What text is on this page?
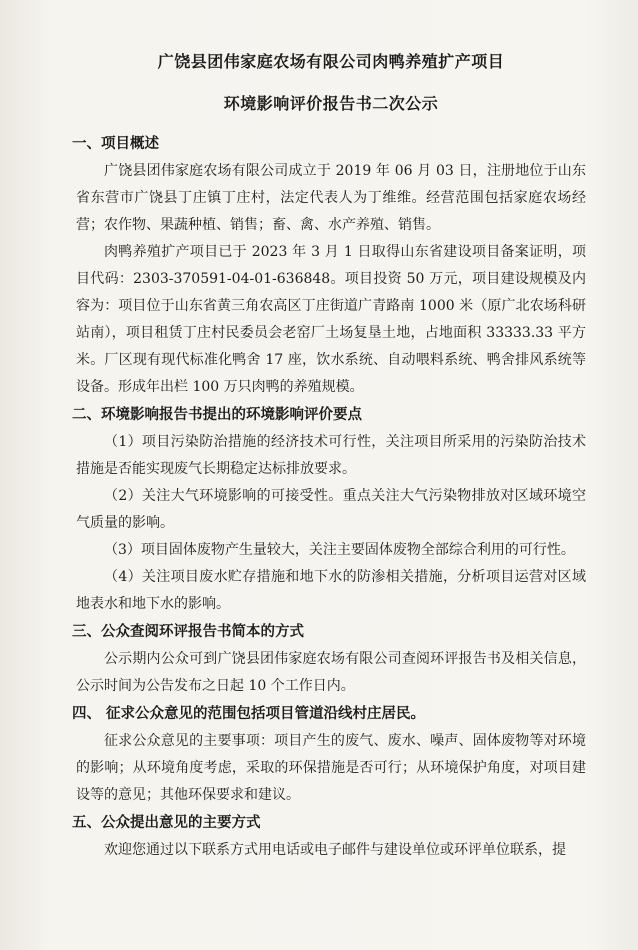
广饶县团伟家庭农场有限公司肉鸭养殖扩产项目
环境影响评价报告书二次公示
一、项目概述

广饶县团伟家庭农场有限公司成立于 2019 年 06 月 03 日，注册地位于山东省东营市广饶县丁庄镇丁庄村，法定代表人为丁维维。经营范围包括家庭农场经营；农作物、果蔬种植、销售；畜、禽、水产养殖、销售。

肉鸭养殖扩产项目已于 2023 年 3 月 1 日取得山东省建设项目备案证明，项目代码：2303-370591-04-01-636848。项目投资 50 万元，项目建设规模及内容为：项目位于山东省黄三角农高区丁庄街道广青路南 1000 米（原广北农场科研站南），项目租赁丁庄村民委员会老窑厂土场复垦土地，占地面积 33333.33 平方米。厂区现有现代标准化鸭舍 17 座，饮水系统、自动喂料系统、鸭舍排风系统等设备。形成年出栏 100 万只肉鸭的养殖规模。

二、环境影响报告书提出的环境影响评价要点

（1）项目污染防治措施的经济技术可行性，关注项目所采用的污染防治技术措施是否能实现废气长期稳定达标排放要求。

（2）关注大气环境影响的可接受性。重点关注大气污染物排放对区域环境空气质量的影响。

（3）项目固体废物产生量较大，关注主要固体废物全部综合利用的可行性。

（4）关注项目废水贮存措施和地下水的防渗相关措施，分析项目运营对区域地表水和地下水的影响。

三、公众查阅环评报告书简本的方式

公示期内公众可到广饶县团伟家庭农场有限公司查阅环评报告书及相关信息，公示时间为公告发布之日起 10 个工作日内。

四、 征求公众意见的范围包括项目管道沿线村庄居民。

征求公众意见的主要事项：项目产生的废气、废水、噪声、固体废物等对环境的影响；从环境角度考虑，采取的环保措施是否可行；从环境保护角度，对项目建设等的意见；其他环保要求和建议。

五、公众提出意见的主要方式

欢迎您通过以下联系方式用电话或电子邮件与建设单位或环评单位联系，提
